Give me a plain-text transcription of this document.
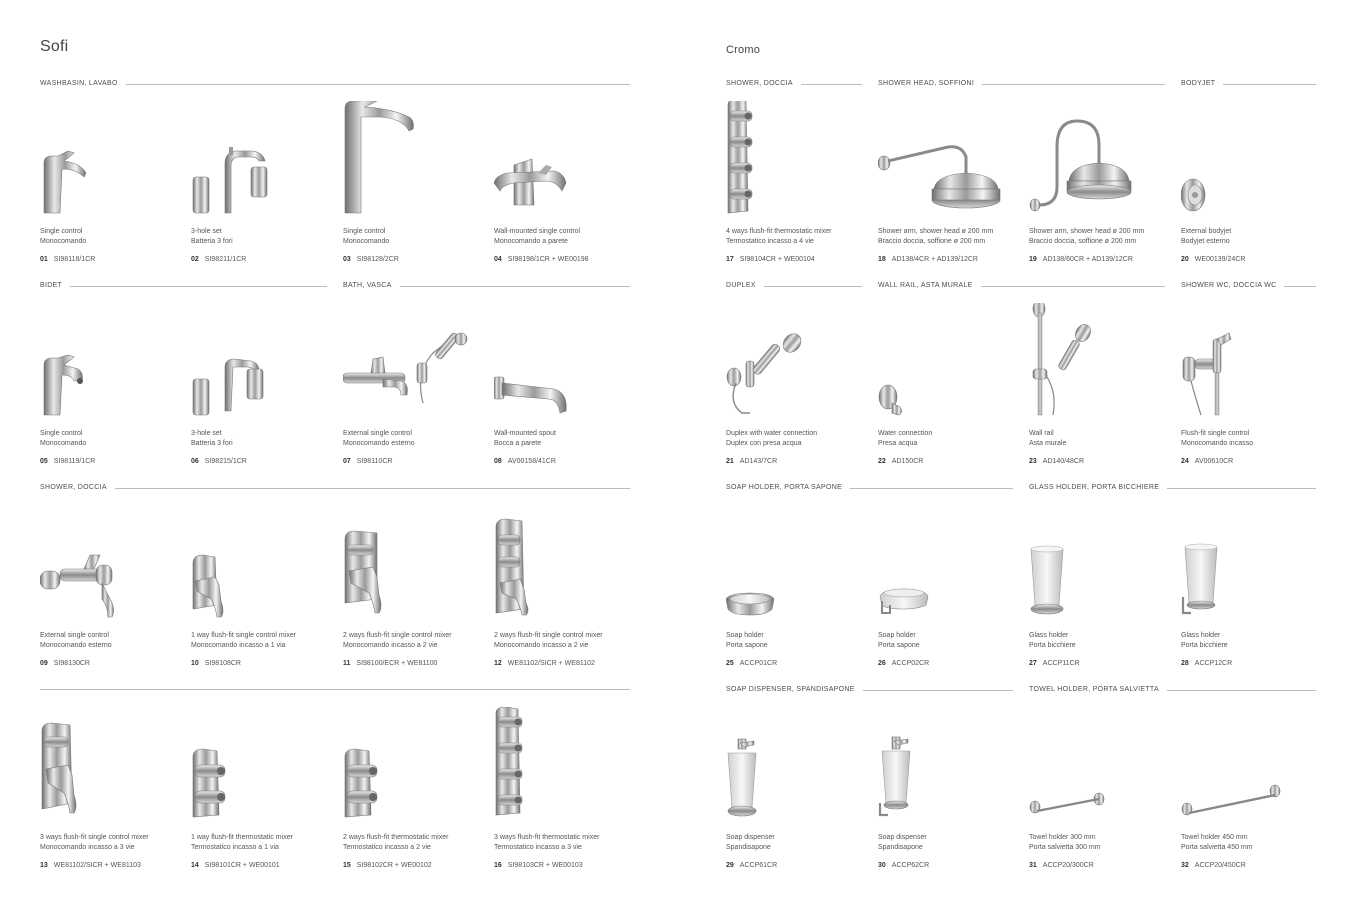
Sofi	Cromo
WASHBASIN, LAVABO
BIDET	BATH, VASCA
SHOWER, DOCCIA
SHOWER, DOCCIA	SHOWER HEAD, SOFFIONI	BODYJET
DUPLEX	WALL RAIL, ASTA MURALE	SHOWER WC, DOCCIA WC
SOAP HOLDER, PORTA SAPONE	GLASS HOLDER, PORTA BICCHIERE
SOAP DISPENSER, SPANDISAPONE	TOWEL HOLDER, PORTA SALVIETTA
Single control
Monocomando
01 SI98118/1CR
3-hole set
Batteria 3 fori
02 SI98211/1CR
Single control
Monocomando
03 SI98128/2CR
Wall-mounted single control
Monocomando a parete
04 SI98198/1CR + WE00198
Single control
Monocomando
05 SI98119/1CR
3-hole set
Batteria 3 fori
06 SI98215/1CR
External single control
Monocomando esterno
07 SI98110CR
Wall-mounted spout
Bocca a parete
08 AV00158/41CR
External single control
Monocomando esterno
09 SI98130CR
1 way flush-fit single control mixer
Monocomando incasso a 1 via
10 SI98108CR
2 ways flush-fit single control mixer
Monocomando incasso a 2 vie
11 SI98100/ECR + WE81100
2 ways flush-fit single control mixer
Monocomando incasso a 2 vie
12 WE81102/SICR + WE81102
3 ways flush-fit single control mixer
Monocomando incasso a 3 vie
13 WE81102/SICR + WE81103
1 way flush-fit thermostatic mixer
Termostatico incasso a 1 via
14 SI98101CR + WE00101
2 ways flush-fit thermostatic mixer
Termostatico incasso a 2 vie
15 SI98102CR + WE00102
3 ways flush-fit thermostatic mixer
Termostatico incasso a 3 vie
16 SI98103CR + WE00103
4 ways flush-fit thermostatic mixer
Termostatico incasso a 4 vie
17 SI98104CR + WE00104
Shower arm, shower head ø 200 mm
Braccio doccia, soffione ø 200 mm
18 AD138/4CR + AD139/12CR
Shower arm, shower head ø 200 mm
Braccio doccia, soffione ø 200 mm
19 AD138/60CR + AD139/12CR
External bodyjet
Bodyjet esterno
20 WE00139/24CR
Duplex with water connection
Duplex con presa acqua
21 AD143/7CR
Water connection
Presa acqua
22 AD150CR
Wall rail
Asta murale
23 AD140/48CR
Flush-fit single control
Monocomando incasso
24 AV00610CR
Soap holder
Porta sapone
25 ACCP01CR
Soap holder
Porta sapone
26 ACCP02CR
Glass holder
Porta bicchiere
27 ACCP11CR
Glass holder
Porta bicchiere
28 ACCP12CR
Soap dispenser
Spandisapone
29 ACCP61CR
Soap dispenser
Spandisapone
30 ACCP62CR
Towel holder 300 mm
Porta salvietta 300 mm
31 ACCP20/300CR
Towel holder 450 mm
Porta salvietta 450 mm
32 ACCP20/450CR
